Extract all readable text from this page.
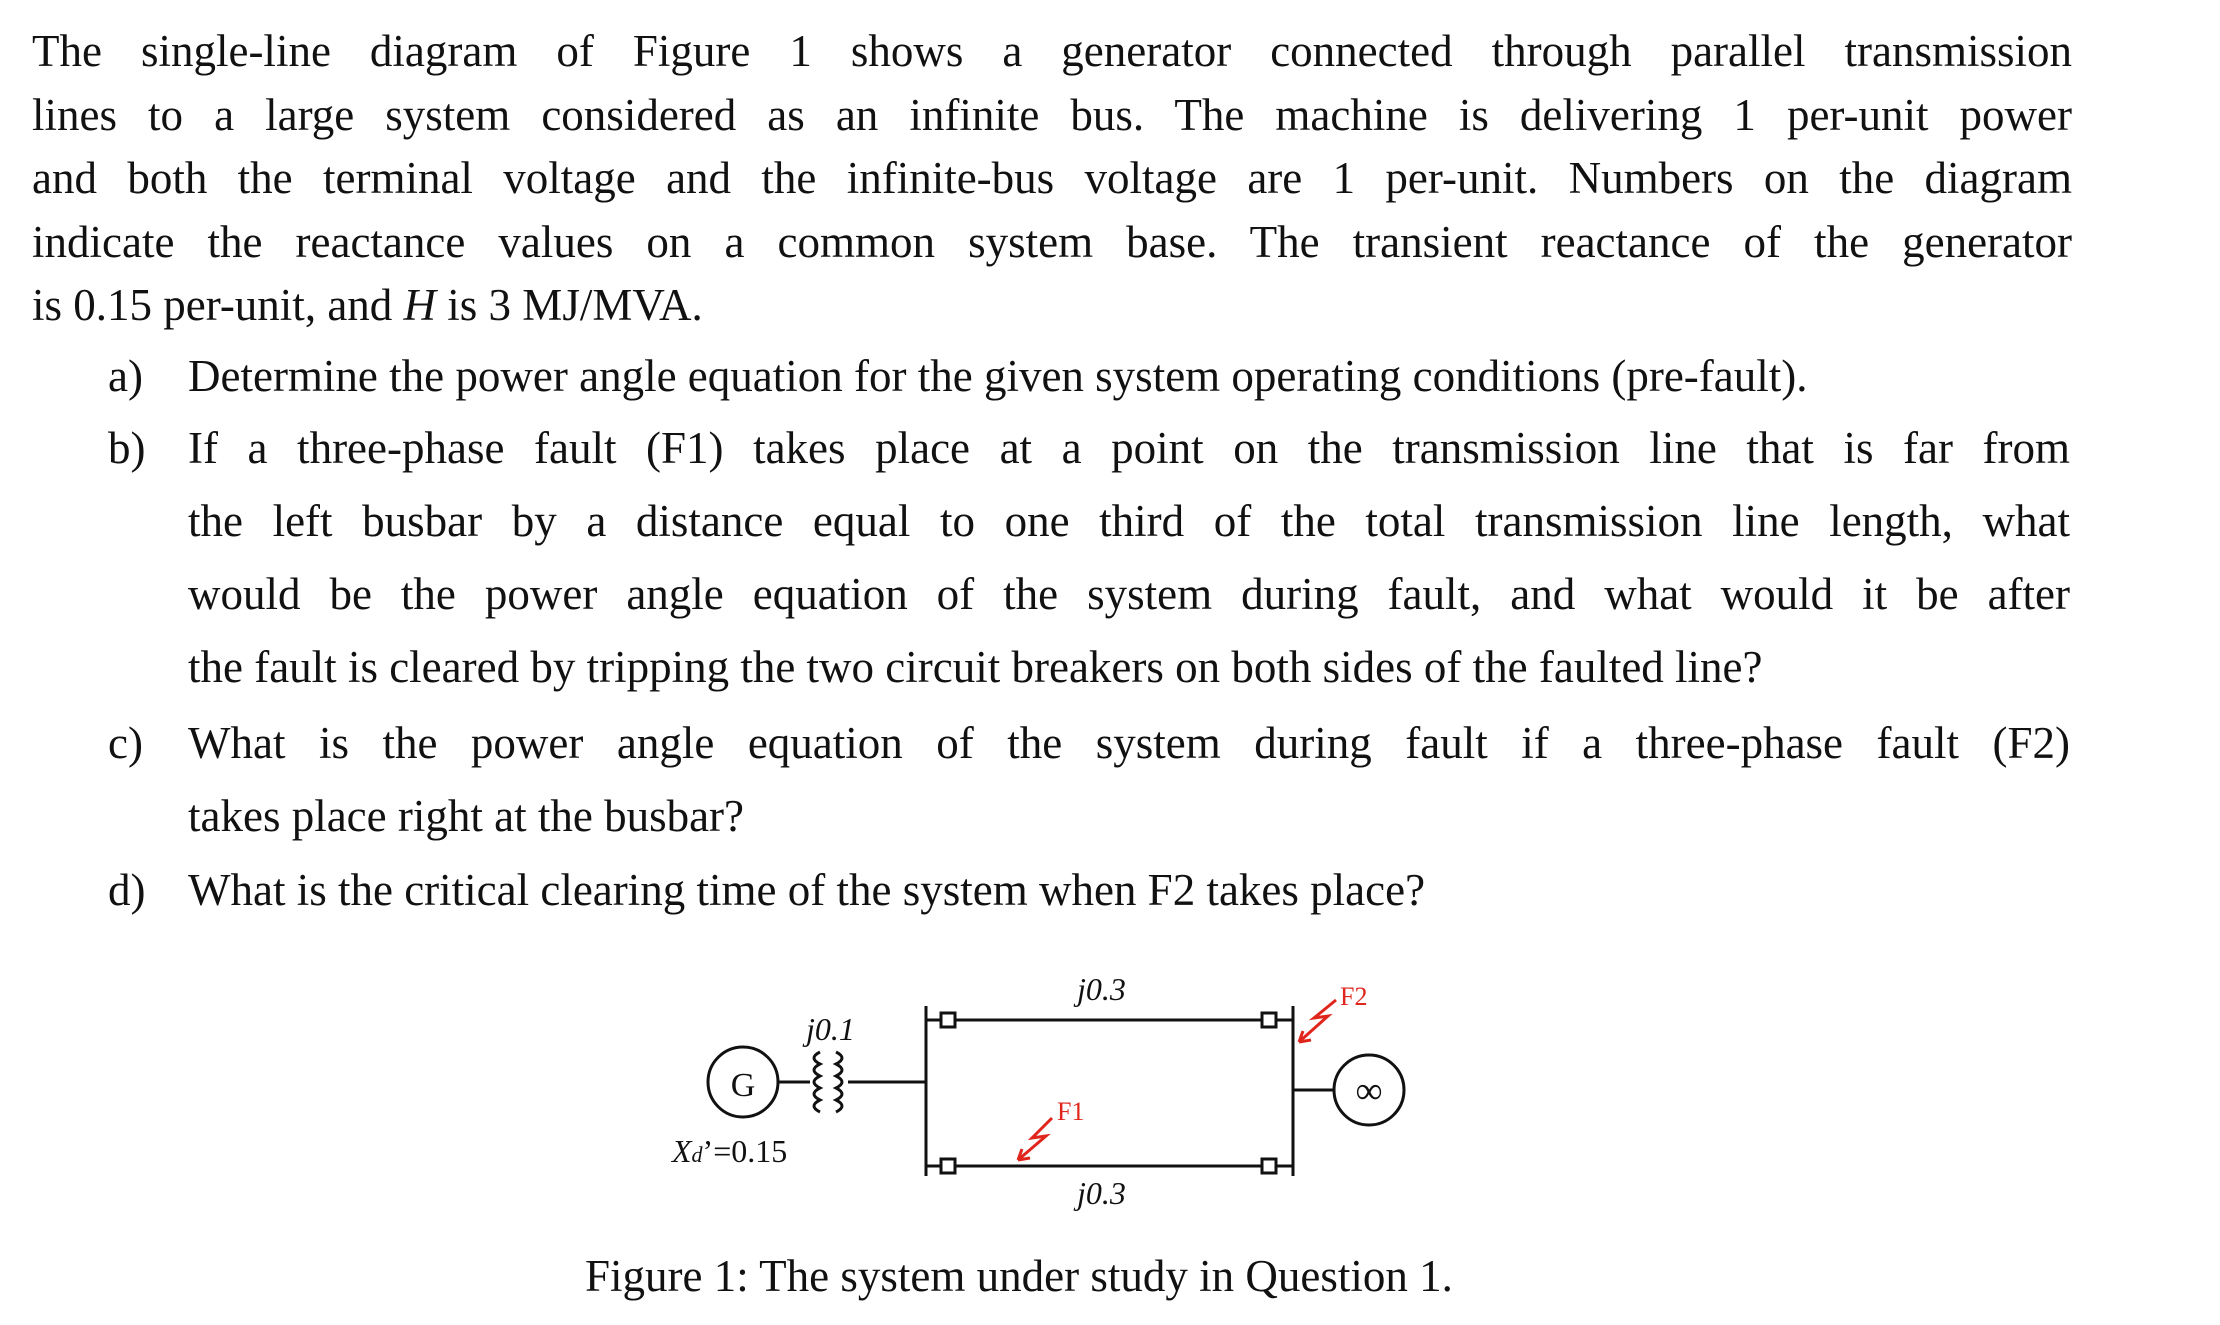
The single-line diagram of Figure 1 shows a generator connected through parallel transmission
lines to a large system considered as an infinite bus. The machine is delivering 1 per-unit power
and both the terminal voltage and the infinite-bus voltage are 1 per-unit. Numbers on the diagram
indicate the reactance values on a common system base. The transient reactance of the generator
is 0.15 per-unit, and H is 3 MJ/MVA.
a) Determine the power angle equation for the given system operating conditions (pre-fault).
b) If a three-phase fault (F1) takes place at a point on the transmission line that is far from
the left busbar by a distance equal to one third of the total transmission line length, what
would be the power angle equation of the system during fault, and what would it be after
the fault is cleared by tripping the two circuit breakers on both sides of the faulted line?
c) What is the power angle equation of the system during fault if a three-phase fault (F2)
takes place right at the busbar?
d) What is the critical clearing time of the system when F2 takes place?
G
j0.1
Xd’=0.15
j0.3
j0.3
F1
F2
∞
Figure 1: The system under study in Question 1.
